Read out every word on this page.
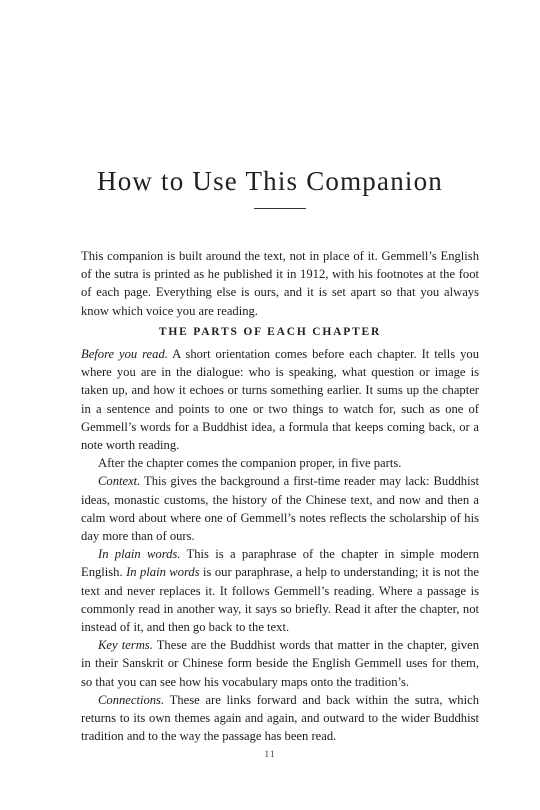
How to Use This Companion

This companion is built around the text, not in place of it. Gemmell’s English of the sutra is printed as he published it in 1912, with his footnotes at the foot of each page. Everything else is ours, and it is set apart so that you always know which voice you are reading.

THE PARTS OF EACH CHAPTER

Before you read. A short orientation comes before each chapter. It tells you where you are in the dialogue: who is speaking, what question or image is taken up, and how it echoes or turns something earlier. It sums up the chapter in a sentence and points to one or two things to watch for, such as one of Gemmell’s words for a Buddhist idea, a formula that keeps coming back, or a note worth reading.

After the chapter comes the companion proper, in five parts.

Context. This gives the background a first-time reader may lack: Buddhist ideas, monastic customs, the history of the Chinese text, and now and then a calm word about where one of Gemmell’s notes reflects the scholarship of his day more than of ours.

In plain words. This is a paraphrase of the chapter in simple modern English. In plain words is our paraphrase, a help to understanding; it is not the text and never replaces it. It follows Gemmell’s reading. Where a passage is commonly read in another way, it says so briefly. Read it after the chapter, not instead of it, and then go back to the text.

Key terms. These are the Buddhist words that matter in the chapter, given in their Sanskrit or Chinese form beside the English Gemmell uses for them, so that you can see how his vocabulary maps onto the tradition’s.

Connections. These are links forward and back within the sutra, which returns to its own themes again and again, and outward to the wider Buddhist tradition and to the way the passage has been read.

11
